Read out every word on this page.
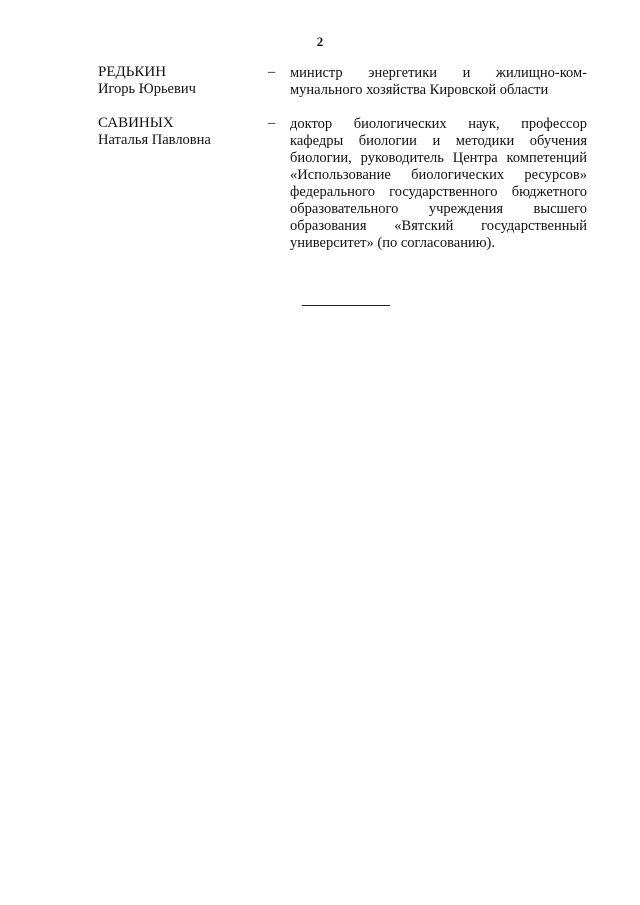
2
РЕДЬКИН
Игорь Юрьевич
– министр энергетики и жилищно-ком-
мунального хозяйства Кировской области
САВИНЫХ
Наталья Павловна
– доктор биологических наук, профессор
кафедры биологии и методики обучения
биологии, руководитель Центра компетенций
«Использование биологических ресурсов»
федерального государственного бюджетного
образовательного учреждения высшего
образования «Вятский государственный
университет» (по согласованию).
